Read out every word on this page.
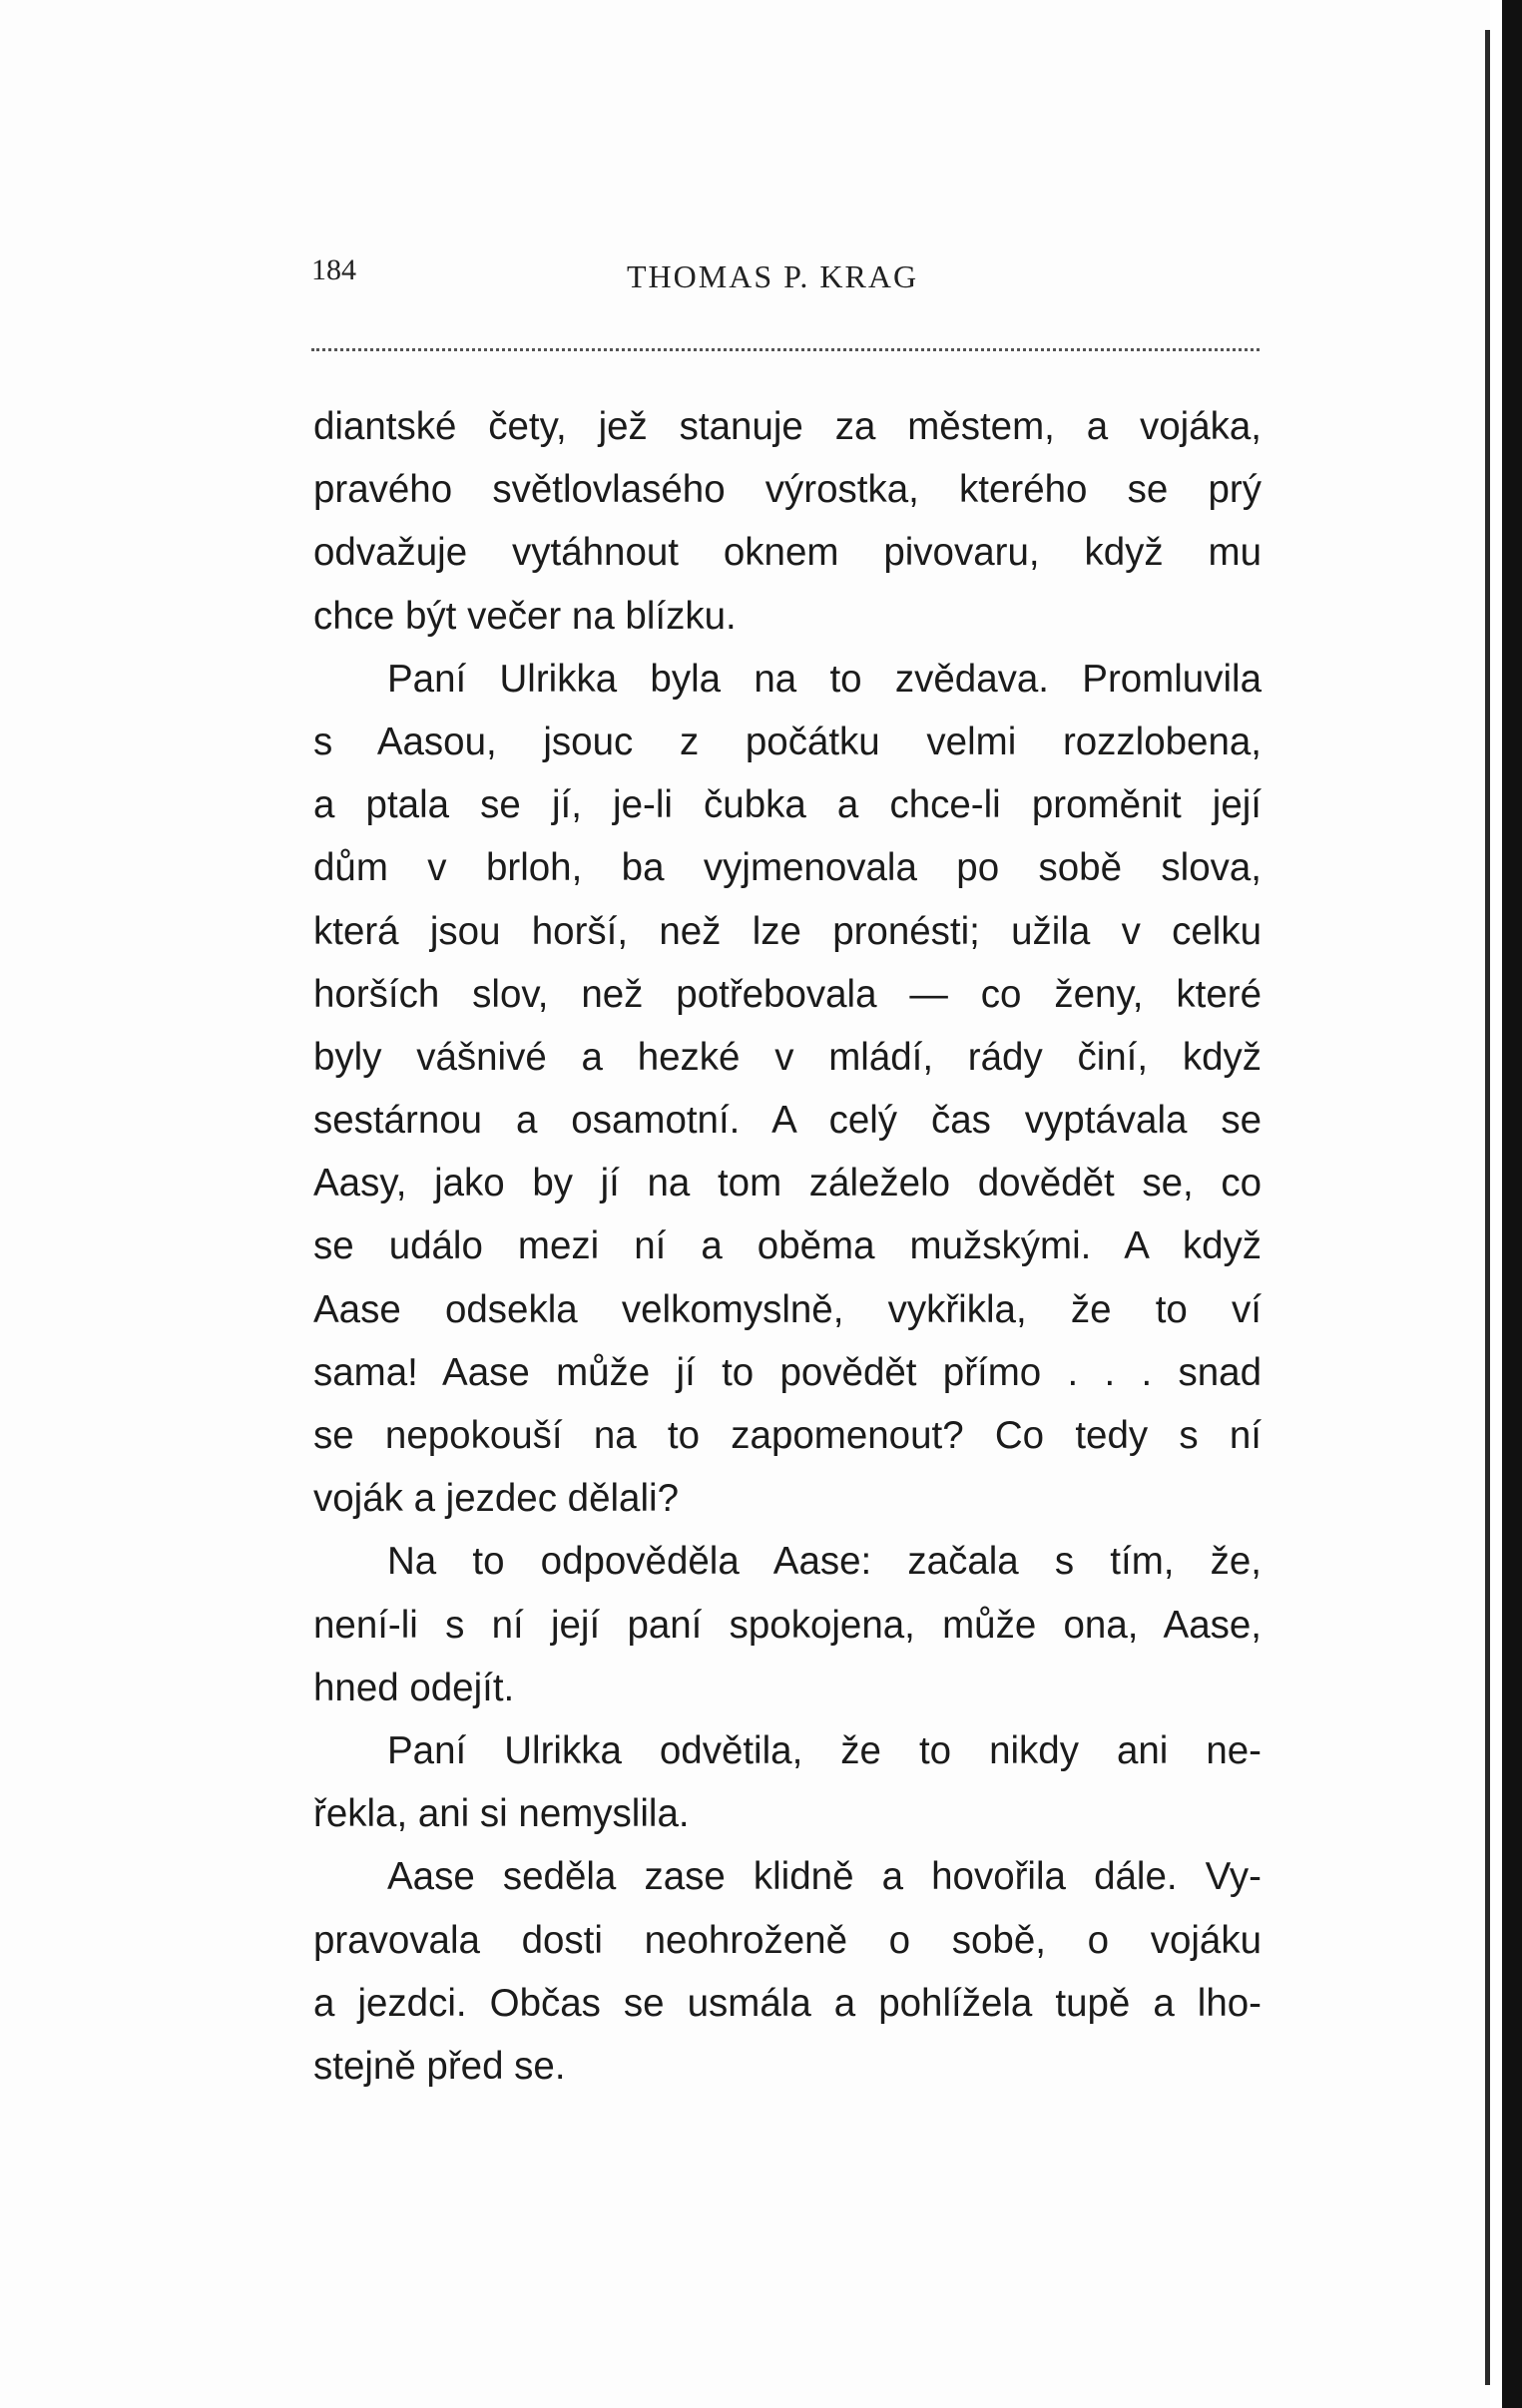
184	THOMAS P. KRAG
diantské čety, jež stanuje za městem, a vojáka,
pravého světlovlasého výrostka, kterého se prý
odvažuje vytáhnout oknem pivovaru, když mu
chce být večer na blízku.
Paní Ulrikka byla na to zvědava. Promluvila
s Aasou, jsouc z počátku velmi rozzlobena,
a ptala se jí, je-li čubka a chce-li proměnit její
dům v brloh, ba vyjmenovala po sobě slova,
která jsou horší, než lze pronésti; užila v celku
horších slov, než potřebovala — co ženy, které
byly vášnivé a hezké v mládí, rády činí, když
sestárnou a osamotní. A celý čas vyptávala se
Aasy, jako by jí na tom záleželo dovědět se, co
se událo mezi ní a oběma mužskými. A když
Aase odsekla velkomyslně, vykřikla, že to ví
sama! Aase může jí to povědět přímo . . . snad
se nepokouší na to zapomenout? Co tedy s ní
voják a jezdec dělali?
Na to odpověděla Aase: začala s tím, že,
není-li s ní její paní spokojena, může ona, Aase,
hned odejít.
Paní Ulrikka odvětila, že to nikdy ani ne-
řekla, ani si nemyslila.
Aase seděla zase klidně a hovořila dále. Vy-
pravovala dosti neohroženě o sobě, o vojáku
a jezdci. Občas se usmála a pohlížela tupě a lho-
stejně před se.
